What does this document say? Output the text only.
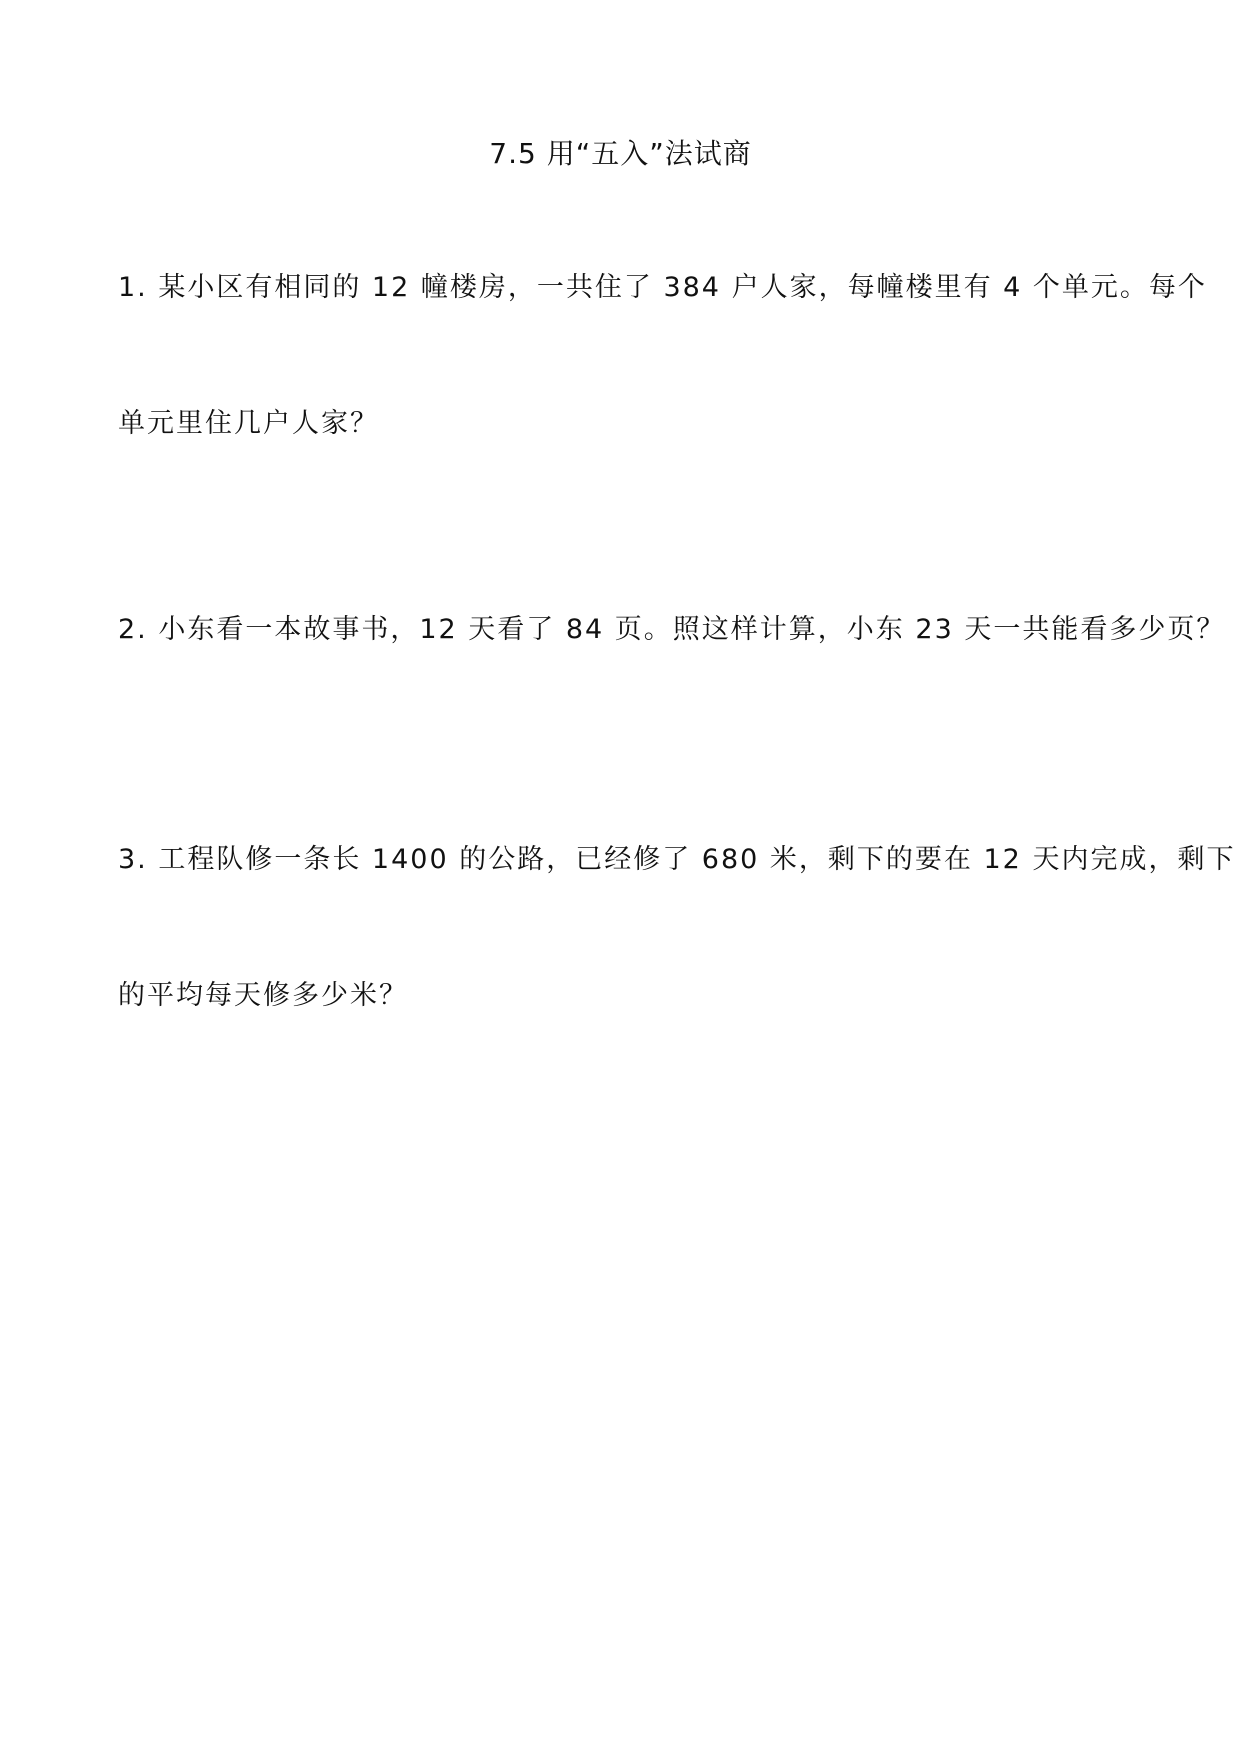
7.5 用“五入”法试商
1. 某小区有相同的 12 幢楼房，一共住了 384 户人家，每幢楼里有 4 个单元。每个
单元里住几户人家？
2. 小东看一本故事书，12 天看了 84 页。照这样计算，小东 23 天一共能看多少页？
3. 工程队修一条长 1400 的公路，已经修了 680 米，剩下的要在 12 天内完成，剩下
的平均每天修多少米？
